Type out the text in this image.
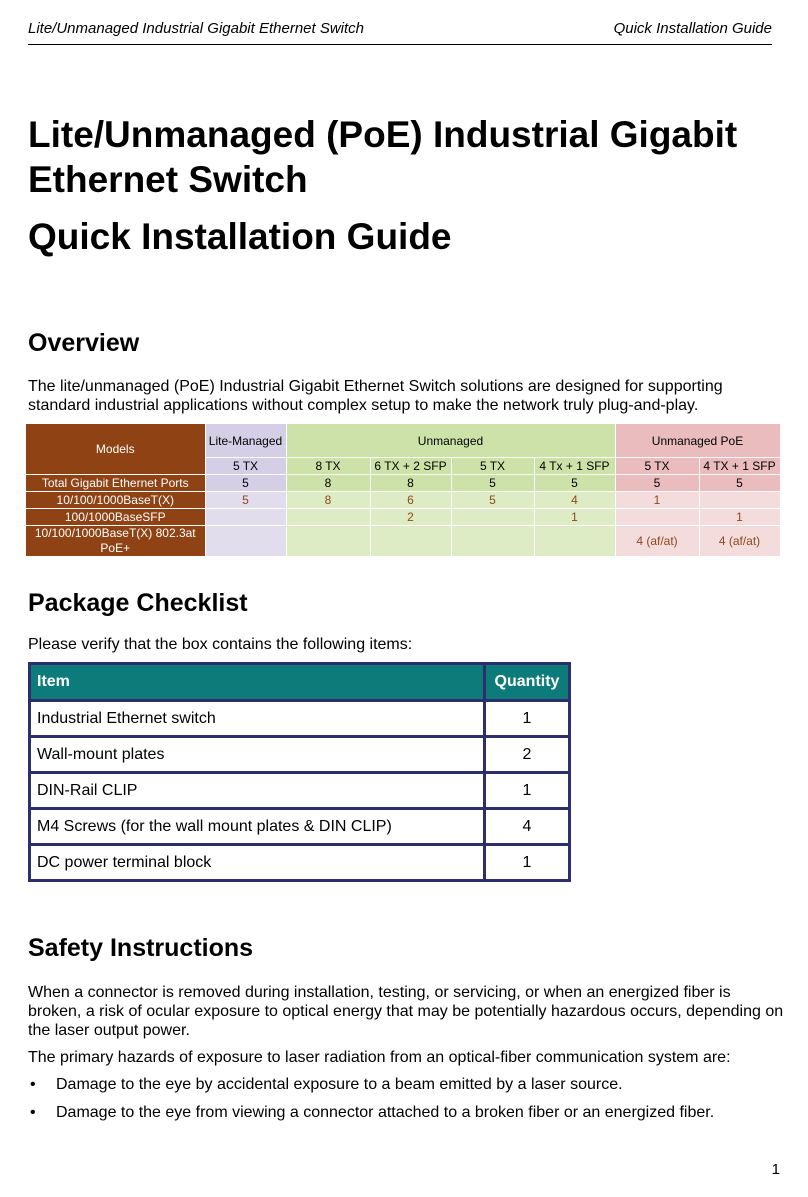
Lite/Unmanaged Industrial Gigabit Ethernet Switch	Quick Installation Guide
Lite/Unmanaged (PoE) Industrial Gigabit Ethernet Switch
Quick Installation Guide
Overview

The lite/unmanaged (PoE) Industrial Gigabit Ethernet Switch solutions are designed for supporting standard industrial applications without complex setup to make the network truly plug-and-play.

Models	Lite-Managed	Unmanaged				Unmanaged PoE	
	5 TX	8 TX	6 TX + 2 SFP	5 TX	4 Tx + 1 SFP	5 TX	4 TX + 1 SFP
Total Gigabit Ethernet Ports	5	8	8	5	5	5	5
10/100/1000BaseT(X)	5	8	6	5	4	1	
100/1000BaseSFP			2		1		1
10/100/1000BaseT(X) 802.3at PoE+						4 (af/at)	4 (af/at)
Package Checklist

Please verify that the box contains the following items:

Item	Quantity
Industrial Ethernet switch	1
Wall-mount plates	2
DIN-Rail CLIP	1
M4 Screws (for the wall mount plates & DIN CLIP)	4
DC power terminal block	1
Safety Instructions

When a connector is removed during installation, testing, or servicing, or when an energized fiber is broken, a risk of ocular exposure to optical energy that may be potentially hazardous occurs, depending on the laser output power.

The primary hazards of exposure to laser radiation from an optical-fiber communication system are:

• Damage to the eye by accidental exposure to a beam emitted by a laser source.
• Damage to the eye from viewing a connector attached to a broken fiber or an energized fiber.
1
